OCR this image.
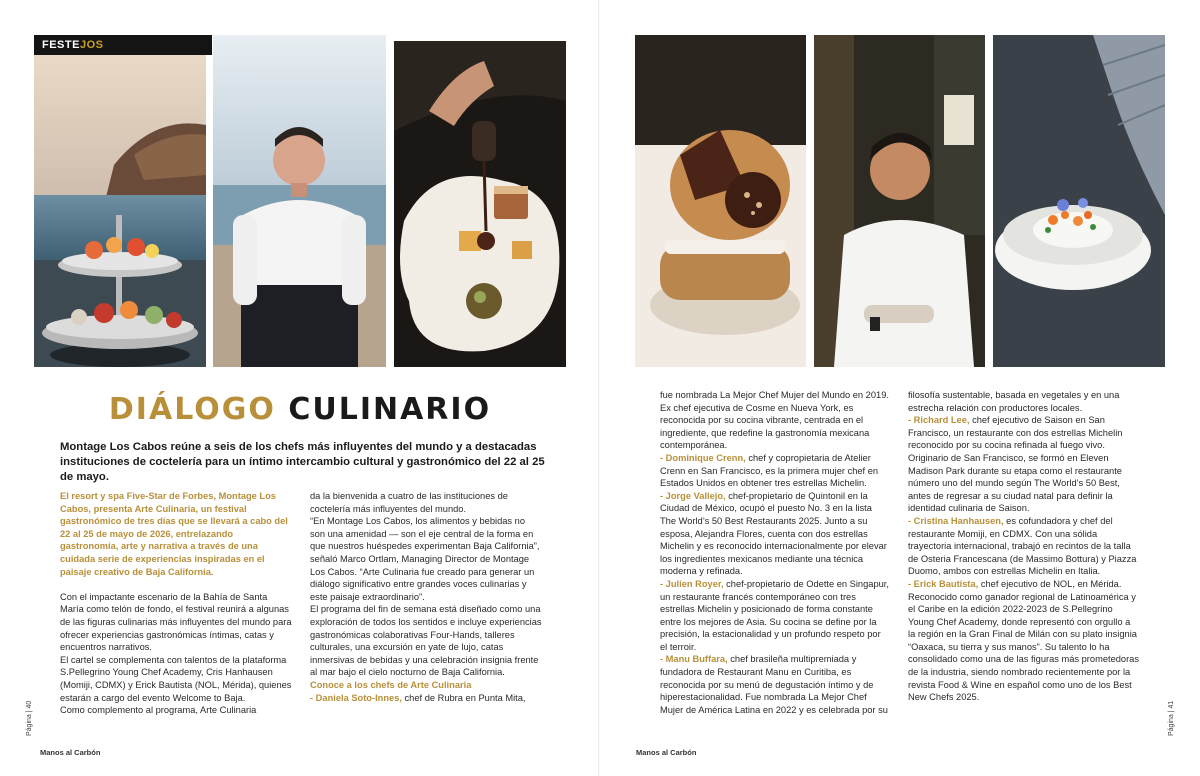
FESTE JOS
DIÁLOGO CULINARIO
Montage Los Cabos reúne a seis de los chefs más influyentes del mundo y a destacadas instituciones de coctelería para un íntimo intercambio cultural y gastronómico del 22 al 25 de mayo.

El resort y spa Five-Star de Forbes, Montage Los Cabos, presenta Arte Culinaria, un festival gastronómico de tres días que se llevará a cabo del 22 al 25 de mayo de 2026, entrelazando gastronomía, arte y narrativa a través de una cuidada serie de experiencias inspiradas en el paisaje creativo de Baja California.

Con el impactante escenario de la Bahía de Santa María como telón de fondo, el festival reunirá a algunas de las figuras culinarias más influyentes del mundo para ofrecer experiencias gastronómicas íntimas, catas y encuentros narrativos.

El cartel se complementa con talentos de la plataforma S.Pellegrino Young Chef Academy, Cris Hanhausen (Momiji, CDMX) y Erick Bautista (NOL, Mérida), quienes estarán a cargo del evento Welcome to Baja.

Como complemento al programa, Arte Culinaria

da la bienvenida a cuatro de las instituciones de coctelería más influyentes del mundo.

“En Montage Los Cabos, los alimentos y bebidas no son una amenidad — son el eje central de la forma en que nuestros huéspedes experimentan Baja California”, señaló Marco Ortlam, Managing Director de Montage Los Cabos. “Arte Culinaria fue creado para generar un diálogo significativo entre grandes voces culinarias y este paisaje extraordinario”.

El programa del fin de semana está diseñado como una exploración de todos los sentidos e incluye experiencias gastronómicas colaborativas Four-Hands, talleres culturales, una excursión en yate de lujo, catas inmersivas de bebidas y una celebración insignia frente al mar bajo el cielo nocturno de Baja California.

Conoce a los chefs de Arte Culinaria

- Daniela Soto-Innes, chef de Rubra en Punta Mita,

Manos al Carbón
Página | 40

fue nombrada La Mejor Chef Mujer del Mundo en 2019. Ex chef ejecutiva de Cosme en Nueva York, es reconocida por su cocina vibrante, centrada en el ingrediente, que redefine la gastronomía mexicana contemporánea.

- Dominique Crenn, chef y copropietaria de Atelier Crenn en San Francisco, es la primera mujer chef en Estados Unidos en obtener tres estrellas Michelin.

- Jorge Vallejo, chef-propietario de Quintonil en la Ciudad de México, ocupó el puesto No. 3 en la lista The World’s 50 Best Restaurants 2025. Junto a su esposa, Alejandra Flores, cuenta con dos estrellas Michelin y es reconocido internacionalmente por elevar los ingredientes mexicanos mediante una técnica moderna y refinada.

- Julien Royer, chef-propietario de Odette en Singapur, un restaurante francés contemporáneo con tres estrellas Michelin y posicionado de forma constante entre los mejores de Asia. Su cocina se define por la precisión, la estacionalidad y un profundo respeto por el terroir.

- Manu Buffara, chef brasileña multipremiada y fundadora de Restaurant Manu en Curitiba, es reconocida por su menú de degustación íntimo y de hiperestacionalidad. Fue nombrada La Mejor Chef Mujer de América Latina en 2022 y es celebrada por su

filosofía sustentable, basada en vegetales y en una estrecha relación con productores locales.

- Richard Lee, chef ejecutivo de Saison en San Francisco, un restaurante con dos estrellas Michelin reconocido por su cocina refinada al fuego vivo. Originario de San Francisco, se formó en Eleven Madison Park durante su etapa como el restaurante número uno del mundo según The World’s 50 Best, antes de regresar a su ciudad natal para definir la identidad culinaria de Saison.

- Cristina Hanhausen, es cofundadora y chef del restaurante Momiji, en CDMX. Con una sólida trayectoria internacional, trabajó en recintos de la talla de Osteria Francescana (de Massimo Bottura) y Piazza Duomo, ambos con estrellas Michelin en Italia.

- Erick Bautista, chef ejecutivo de NOL, en Mérida. Reconocido como ganador regional de Latinoamérica y el Caribe en la edición 2022-2023 de S.Pellegrino Young Chef Academy, donde representó con orgullo a la región en la Gran Final de Milán con su plato insignia “Oaxaca, su tierra y sus manos”. Su talento lo ha consolidado como una de las figuras más prometedoras de la industria, siendo nombrado recientemente por la revista Food & Wine en español como uno de los Best New Chefs 2025.

Manos al Carbón
Página | 41
